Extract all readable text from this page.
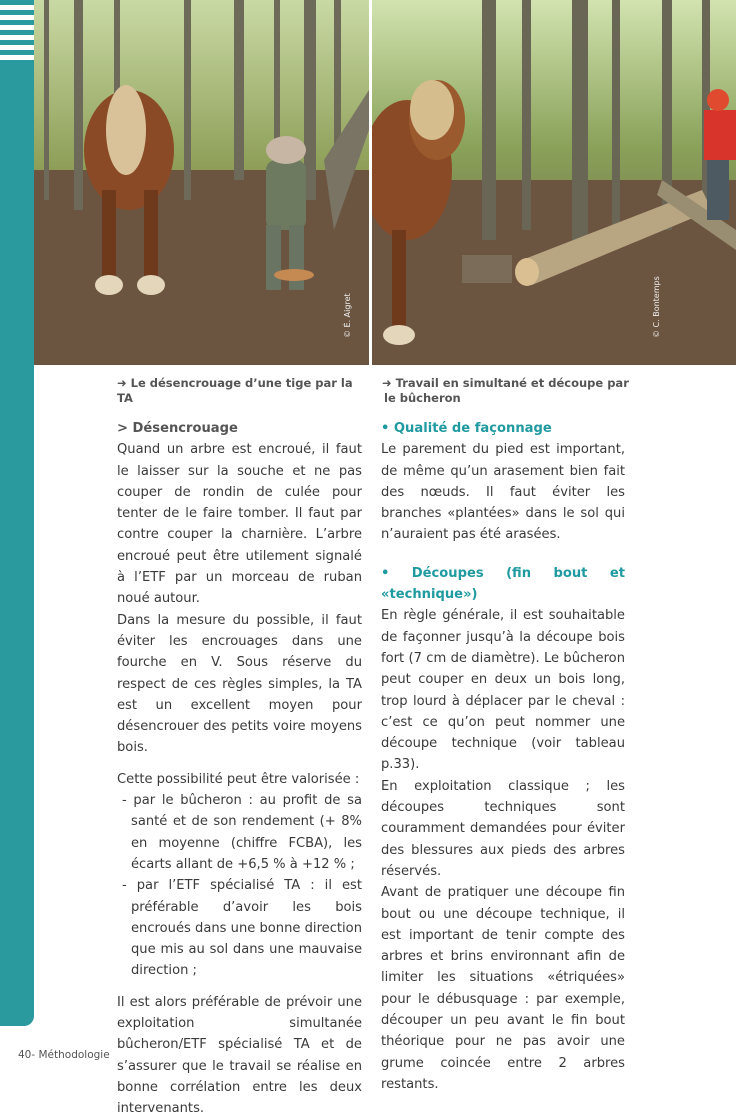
© É. Aigret	© C. Bontemps
➜ Le désencrouage d’une tige par la TA
➜ Travail en simultané et découpe par
le bûcheron

> Désencrouage

Quand un arbre est encroué, il faut le laisser sur la souche et ne pas couper de rondin de culée pour tenter de le faire tomber. Il faut par contre couper la charnière. L’arbre encroué peut être utilement signalé à l’ETF par un morceau de ruban noué autour.

Dans la mesure du possible, il faut éviter les encrouages dans une fourche en V. Sous réserve du respect de ces règles simples, la TA est un excellent moyen pour désencrouer des petits voire moyens bois.

Cette possibilité peut être valorisée :

- par le bûcheron : au profit de sa santé et de son rendement (+ 8% en moyenne (chiffre FCBA), les écarts allant de +6,5 % à +12 % ;

- par l’ETF spécialisé TA : il est préférable d’avoir les bois encroués dans une bonne direction que mis au sol dans une mauvaise direction ;

Il est alors préférable de prévoir une exploitation simultanée bûcheron/ETF spécialisé TA et de s’assurer que le travail se réalise en bonne corrélation entre les deux intervenants.

• Qualité de façonnage

Le parement du pied est important, de même qu’un arasement bien fait des nœuds. Il faut éviter les branches «plantées» dans le sol qui n’auraient pas été arasées.

• Découpes (fin bout et «technique»)

En règle générale, il est souhaitable de façonner jusqu’à la découpe bois fort (7 cm de diamètre). Le bûcheron peut couper en deux un bois long, trop lourd à déplacer par le cheval : c’est ce qu’on peut nommer une découpe technique (voir tableau p.33).

En exploitation classique ; les découpes techniques sont couramment demandées pour éviter des blessures aux pieds des arbres réservés.

Avant de pratiquer une découpe fin bout ou une découpe technique, il est important de tenir compte des arbres et brins environnant afin de limiter les situations «étriquées» pour le débusquage : par exemple, découper un peu avant le fin bout théorique pour ne pas avoir une grume coincée entre 2 arbres restants.

40- Méthodologie
